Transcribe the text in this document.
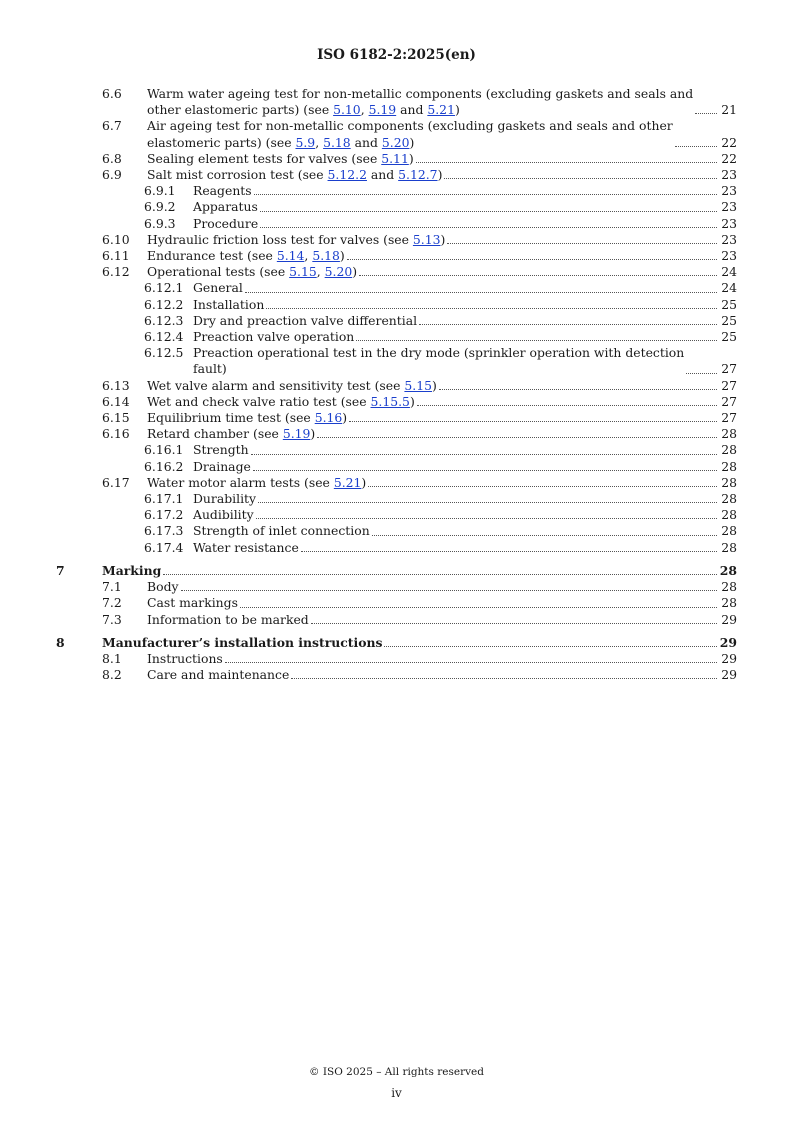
ISO 6182-2:2025(en)
6.6 Warm water ageing test for non-metallic components (excluding gaskets and seals and
other elastomeric parts) (see 5.10, 5.19 and 5.21)	21
6.7 Air ageing test for non-metallic components (excluding gaskets and seals and other
elastomeric parts) (see 5.9, 5.18 and 5.20)	22
6.8 Sealing element tests for valves (see 5.11)	22
6.9 Salt mist corrosion test (see 5.12.2 and 5.12.7)	23
6.9.1 Reagents	23
6.9.2 Apparatus	23
6.9.3 Procedure	23
6.10 Hydraulic friction loss test for valves (see 5.13)	23
6.11 Endurance test (see 5.14, 5.18)	23
6.12 Operational tests (see 5.15, 5.20)	24
6.12.1 General	24
6.12.2 Installation	25
6.12.3 Dry and preaction valve differential	25
6.12.4 Preaction valve operation	25
6.12.5 Preaction operational test in the dry mode (sprinkler operation with detection
fault)	27
6.13 Wet valve alarm and sensitivity test (see 5.15)	27
6.14 Wet and check valve ratio test (see 5.15.5)	27
6.15 Equilibrium time test (see 5.16)	27
6.16 Retard chamber (see 5.19)	28
6.16.1 Strength	28
6.16.2 Drainage	28
6.17 Water motor alarm tests (see 5.21)	28
6.17.1 Durability	28
6.17.2 Audibility	28
6.17.3 Strength of inlet connection	28
6.17.4 Water resistance	28
7	Marking	28
7.1 Body	28
7.2 Cast markings	28
7.3 Information to be marked	29
8	Manufacturer’s installation instructions	29
8.1 Instructions	29
8.2 Care and maintenance	29
© ISO 2025 – All rights reserved
iv
